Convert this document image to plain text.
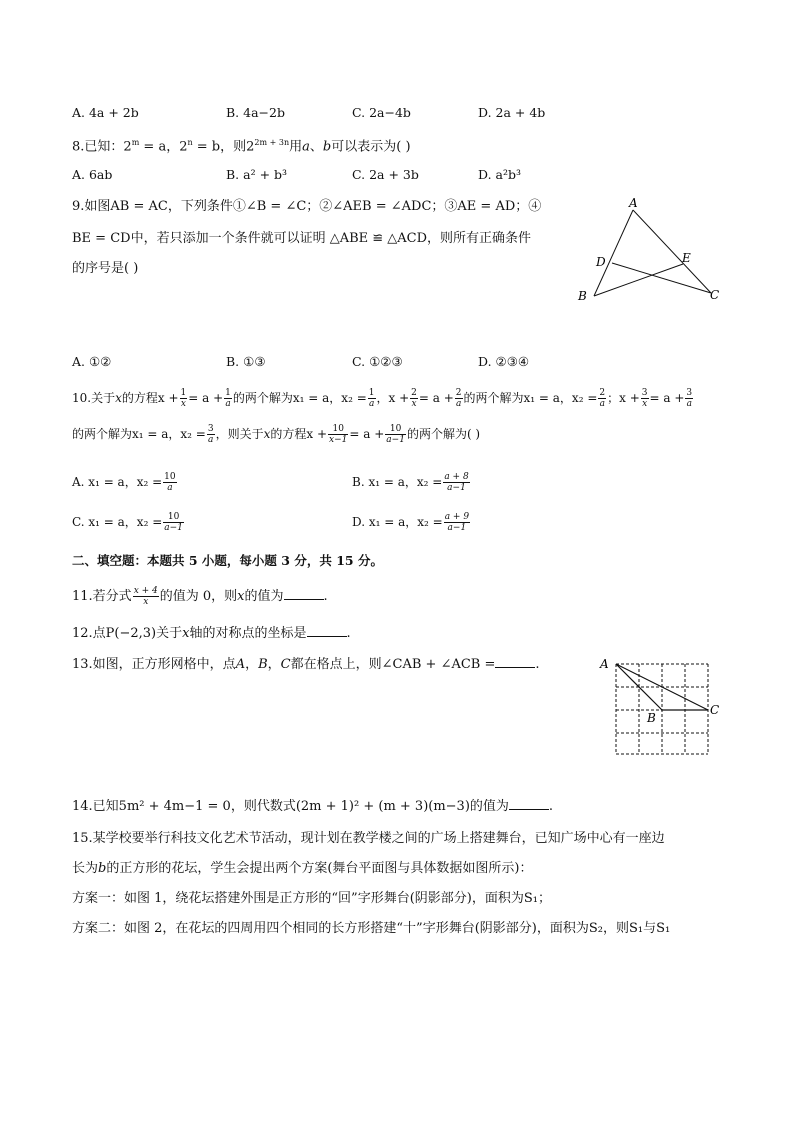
A. 4a + 2b	B. 4a−2b	C. 2a−4b	D. 2a + 4b
8.已知：$2^m = a$，$2^n = b$，则$2^{2m + 3n}$用a、b可以表示为( )
A. 6ab	B. a² + b³	C. 2a + 3b	D. a²b³
9.如图AB = AC，下列条件①∠B = ∠C；②∠AEB = ∠ADC；③AE = AD；④
BE = CD中，若只添加一个条件就可以证明 △ABE ≌ △ACD，则所有正确条件
的序号是( )
A
D	E
B	C
A. ①②	B. ①③	C. ①②③	D. ②③④
10.关于x的方程$x + \frac{1}{x} = a + \frac{1}{a}$ 的两个解为x₁ = a，$x_2 = \frac{1}{a}$ ，$x + \frac{2}{x} = a + \frac{2}{a}$ 的两个解为x₁ = a，$x_2 = \frac{2}{a}$ ；$x + \frac{3}{x} = a + \frac{3}{a}$
的两个解为x₁ = a，$x_2 = \frac{3}{a}$ ，则关于x的方程$x + \frac{10}{x-1} = a + \frac{10}{a-1}$ 的两个解为( )
A. x₁ = a，$x_2 = \frac{10}{a}$	B. x₁ = a，$x_2 = \frac{a + 8}{a-1}$
C. x₁ = a，$x_2 = \frac{10}{a-1}$	D. x₁ = a，$x_2 = \frac{a + 9}{a-1}$
二、填空题：本题共 5 小题，每小题 3 分，共 15 分。
11.若分式 $\frac{x + 4}{x}$ 的值为 0，则x的值为	.
12.点P(−2,3)关于x轴的对称点的坐标是	.
13.如图，正方形网格中，点A，B，C都在格点上，则∠CAB + ∠ACB =	.	A
B
C
14.已知5m² + 4m−1 = 0，则代数式(2m + 1)² + (m + 3)(m−3)的值为	.
15.某学校要举行科技文化艺术节活动，现计划在教学楼之间的广场上搭建舞台，已知广场中心有一座边
长为b的正方形的花坛，学生会提出两个方案(舞台平面图与具体数据如图所示)：
方案一：如图 1，绕花坛搭建外围是正方形的“回”字形舞台(阴影部分)，面积为S₁；
方案二：如图 2，在花坛的四周用四个相同的长方形搭建“十”字形舞台(阴影部分)，面积为S₂，则S₁与S₁
